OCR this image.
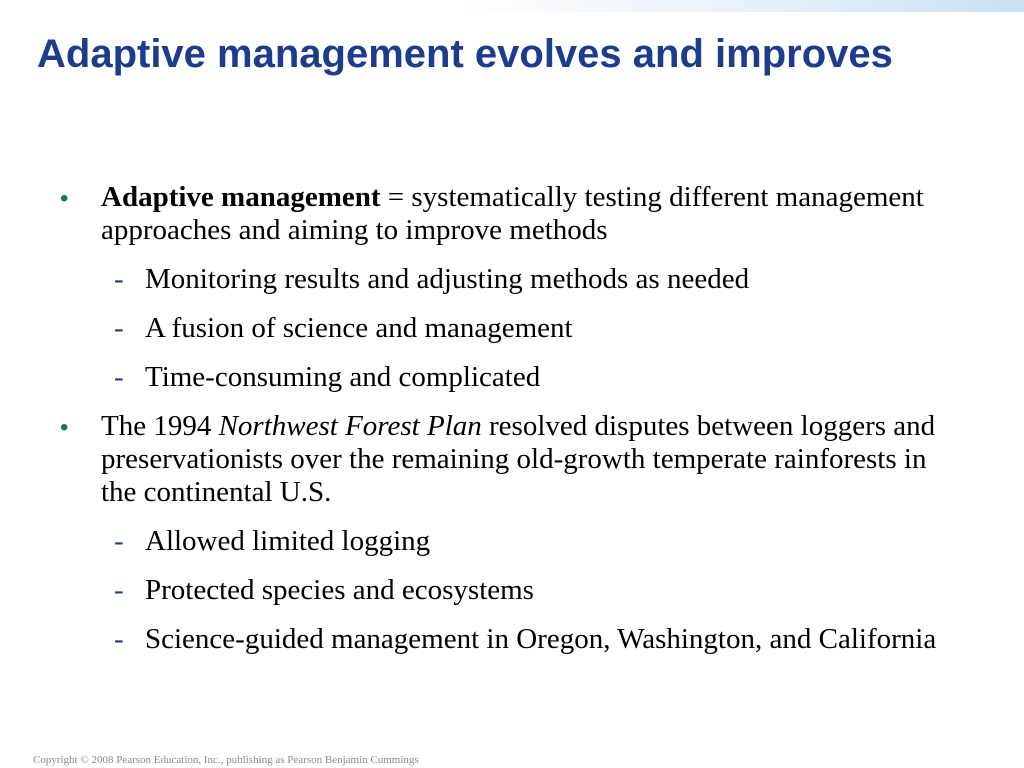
Adaptive management evolves and improves
•	Adaptive management = systematically testing different management approaches and aiming to improve methods
- Monitoring results and adjusting methods as needed
- A fusion of science and management
- Time-consuming and complicated
•	The 1994 Northwest Forest Plan resolved disputes between loggers and preservationists over the remaining old-growth temperate rainforests in the continental U.S.
- Allowed limited logging
- Protected species and ecosystems
- Science-guided management in Oregon, Washington, and California
Copyright © 2008 Pearson Education, Inc., publishing as Pearson Benjamin Cummings
